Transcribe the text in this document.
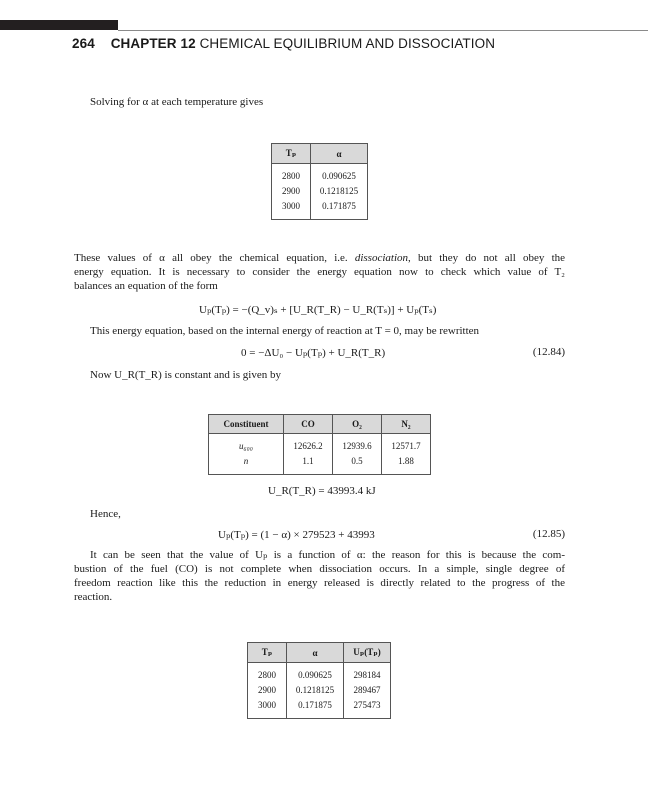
264 CHAPTER 12 CHEMICAL EQUILIBRIUM AND DISSOCIATION
Solving for α at each temperature gives
Tₚ	α
2800	0.090625
2900	0.1218125
3000	0.171875
These values of α all obey the chemical equation, i.e. dissociation, but they do not all obey the
energy equation. It is necessary to consider the energy equation now to check which value of T₂
balances an equation of the form
Uₚ(Tₚ) = −(Q_v)ₛ + [U_R(T_R) − U_R(Tₛ)] + Uₚ(Tₛ)
This energy equation, based on the internal energy of reaction at T = 0, may be rewritten
0 = −ΔU₀ − Uₚ(Tₚ) + U_R(T_R)	(12.84)
Now U_R(T_R) is constant and is given by
Constituent	CO	O₂	N₂
u₆₀₀	12626.2	12939.6	12571.7
n	1.1	0.5	1.88
U_R(T_R) = 43993.4 kJ
Hence,
Uₚ(Tₚ) = (1 − α) × 279523 + 43993	(12.85)
It can be seen that the value of Uₚ is a function of α: the reason for this is because the com-
bustion of the fuel (CO) is not complete when dissociation occurs. In a simple, single degree of
freedom reaction like this the reduction in energy released is directly related to the progress of the
reaction.
Tₚ	α	Uₚ(Tₚ)
2800	0.090625	298184
2900	0.1218125	289467
3000	0.171875	275473
